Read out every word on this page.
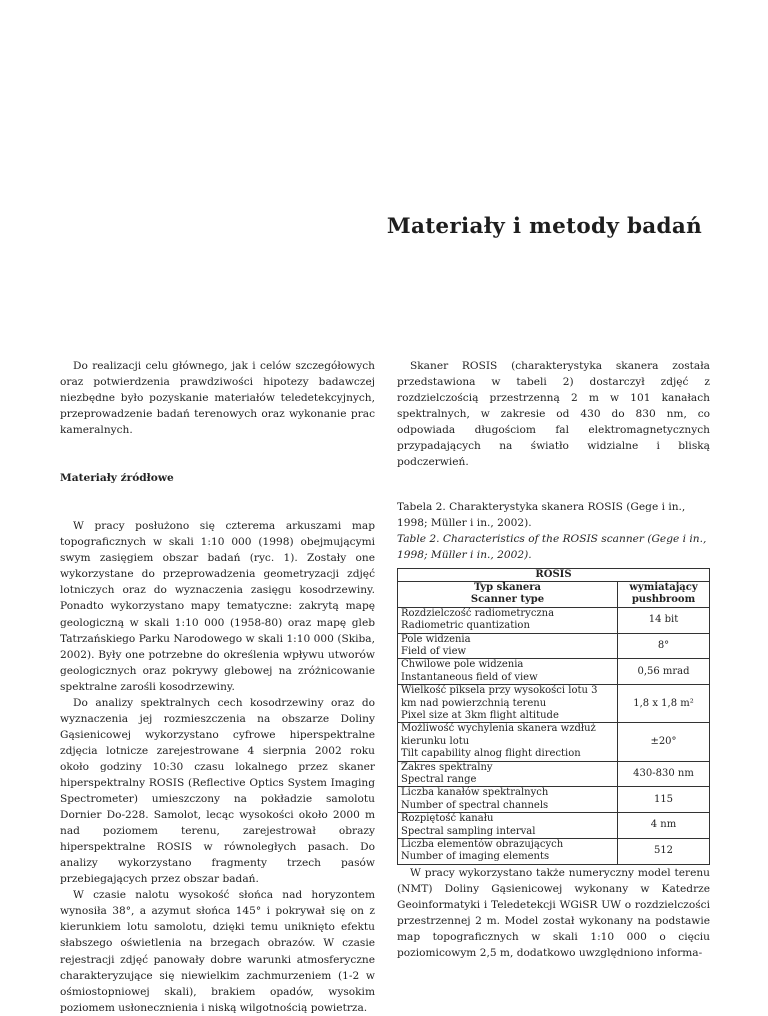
Materiały i metody badań

Do realizacji celu głównego, jak i celów szczegółowych oraz potwierdzenia prawdziwości hipotezy badawczej niezbędne było pozyskanie materiałów teledetekcyjnych, przeprowadzenie badań terenowych oraz wykonanie prac kameralnych.

Materiały źródłowe

W pracy posłużono się czterema arkuszami map topograficznych w skali 1:10 000 (1998) obejmującymi swym zasięgiem obszar badań (ryc. 1). Zostały one wykorzystane do przeprowadzenia geometryzacji zdjęć lotniczych oraz do wyznaczenia zasięgu kosodrzewiny. Ponadto wykorzystano mapy tematyczne: zakrytą mapę geologiczną w skali 1:10 000 (1958-80) oraz mapę gleb Tatrzańskiego Parku Narodowego w skali 1:10 000 (Skiba, 2002). Były one potrzebne do określenia wpływu utworów geologicznych oraz pokrywy glebowej na zróżnicowanie spektralne zarośli kosodrzewiny.

Do analizy spektralnych cech kosodrzewiny oraz do wyznaczenia jej rozmieszczenia na obszarze Doliny Gąsienicowej wykorzystano cyfrowe hiperspektralne zdjęcia lotnicze zarejestrowane 4 sierpnia 2002 roku około godziny 10:30 czasu lokalnego przez skaner hiperspektralny ROSIS (Reflective Optics System Imaging Spectrometer) umieszczony na pokładzie samolotu Dornier Do-228. Samolot, lecąc wysokości około 2000 m nad poziomem terenu, zarejestrował obrazy hiperspektralne ROSIS w równoległych pasach. Do analizy wykorzystano fragmenty trzech pasów przebiegających przez obszar badań.

W czasie nalotu wysokość słońca nad horyzontem wynosiła 38°, a azymut słońca 145° i pokrywał się on z kierunkiem lotu samolotu, dzięki temu uniknięto efektu słabszego oświetlenia na brzegach obrazów. W czasie rejestracji zdjęć panowały dobre warunki atmosferyczne charakteryzujące się niewielkim zachmurzeniem (1-2 w ośmiostopniowej skali), brakiem opadów, wysokim poziomem usłonecznienia i niską wilgotnością powietrza.

Skaner ROSIS (charakterystyka skanera została przedstawiona w tabeli 2) dostarczył zdjęć z rozdzielczością przestrzenną 2 m w 101 kanałach spektralnych, w zakresie od 430 do 830 nm, co odpowiada długościom fal elektromagnetycznych przypadających na światło widzialne i bliską podczerwień.

Tabela 2. Charakterystyka skanera ROSIS (Gege i in., 1998; Müller i in., 2002).

Table 2. Characteristics of the ROSIS scanner (Gege i in., 1998; Müller i in., 2002).

ROSIS	
Typ skanera
Scanner type	wymiatający
pushbroom

Rozdzielczość radiometryczna
Radiometric quantization	14 bit

Pole widzenia
Field of view	8°

Chwilowe pole widzenia
Instantaneous field of view	0,56 mrad

Wielkość piksela przy wysokości lotu 3 km nad powierzchnią terenu
Pixel size at 3km flight altitude	1,8 x 1,8 m²

Możliwość wychylenia skanera wzdłuż kierunku lotu
Tilt capability alnog flight direction	±20°

Zakres spektralny
Spectral range	430-830 nm

Liczba kanałów spektralnych
Number of spectral channels	115

Rozpiętość kanału
Spectral sampling interval	4 nm

Liczba elementów obrazujących
Number of imaging elements	512

W pracy wykorzystano także numeryczny model terenu (NMT) Doliny Gąsienicowej wykonany w Katedrze Geoinformatyki i Teledetekcji WGiSR UW o rozdzielczości przestrzennej 2 m. Model został wykonany na podstawie map topograficznych w skali 1:10 000 o cięciu poziomicowym 2,5 m, dodatkowo uwzględniono informa-
